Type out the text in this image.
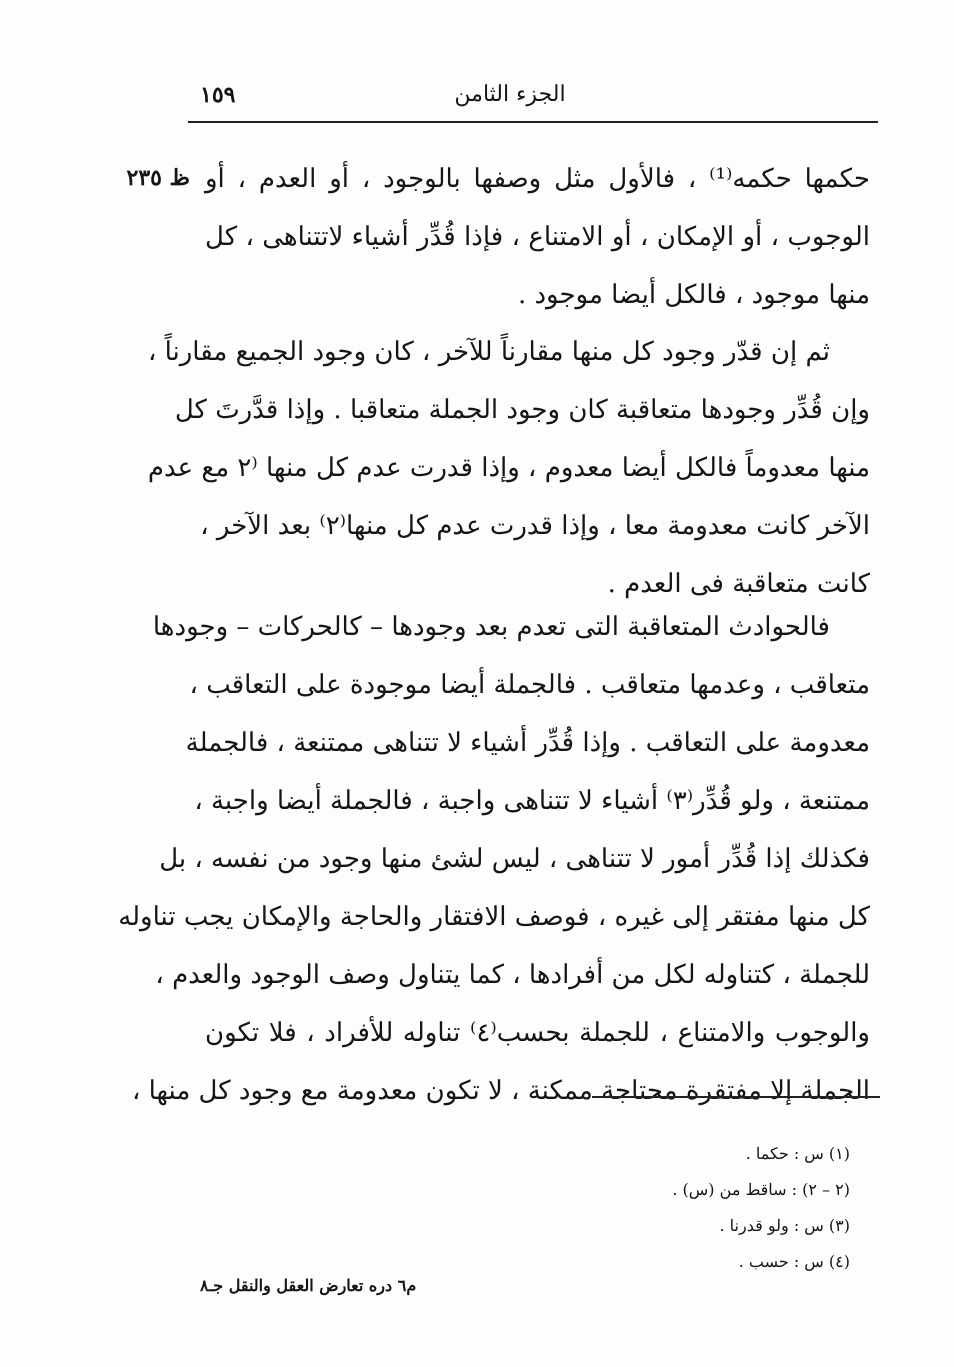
الجزء الثامن
١٥٩
ظ ٢٣٥ حكمها حكمه⁽¹⁾ ، فالأول مثل وصفها بالوجود ، أو العدم ، أو
الوجوب ، أو الإمكان ، أو الامتناع ، فإذا قُدِّر أشياء لاتتناهى ، كل
منها موجود ، فالكل أيضا موجود .
ثم إن قدّر وجود كل منها مقارناً للآخر ، كان وجود الجميع مقارناً ،
وإن قُدِّر وجودها متعاقبة كان وجود الجملة متعاقبا . وإذا قدَّرتَ كل
منها معدوماً فالكل أيضا معدوم ، وإذا قدرت عدم كل منها ⁽٢ مع عدم
الآخر كانت معدومة معا ، وإذا قدرت عدم كل منها⁽٢⁾ بعد الآخر ،
كانت متعاقبة فى العدم .
فالحوادث المتعاقبة التى تعدم بعد وجودها – كالحركات – وجودها
متعاقب ، وعدمها متعاقب . فالجملة أيضا موجودة على التعاقب ،
معدومة على التعاقب . وإذا قُدِّر أشياء لا تتناهى ممتنعة ، فالجملة
ممتنعة ، ولو قُدِّر⁽٣⁾ أشياء لا تتناهى واجبة ، فالجملة أيضا واجبة ،
فكذلك إذا قُدِّر أمور لا تتناهى ، ليس لشئ منها وجود من نفسه ، بل
كل منها مفتقر إلى غيره ، فوصف الافتقار والحاجة والإمكان يجب تناوله
للجملة ، كتناوله لكل من أفرادها ، كما يتناول وصف الوجود والعدم ،
والوجوب والامتناع ، للجملة بحسب⁽٤⁾ تناوله للأفراد ، فلا تكون
الجملة إلا مفتقرة محتاجة ممكنة ، لا تكون معدومة مع وجود كل منها ،
(١) س : حكما .
(٢ – ٢) : ساقط من (س) .
(٣) س : ولو قدرنا .
(٤) س : حسب .
م٦ دره تعارض العقل والنقل جـ٨
